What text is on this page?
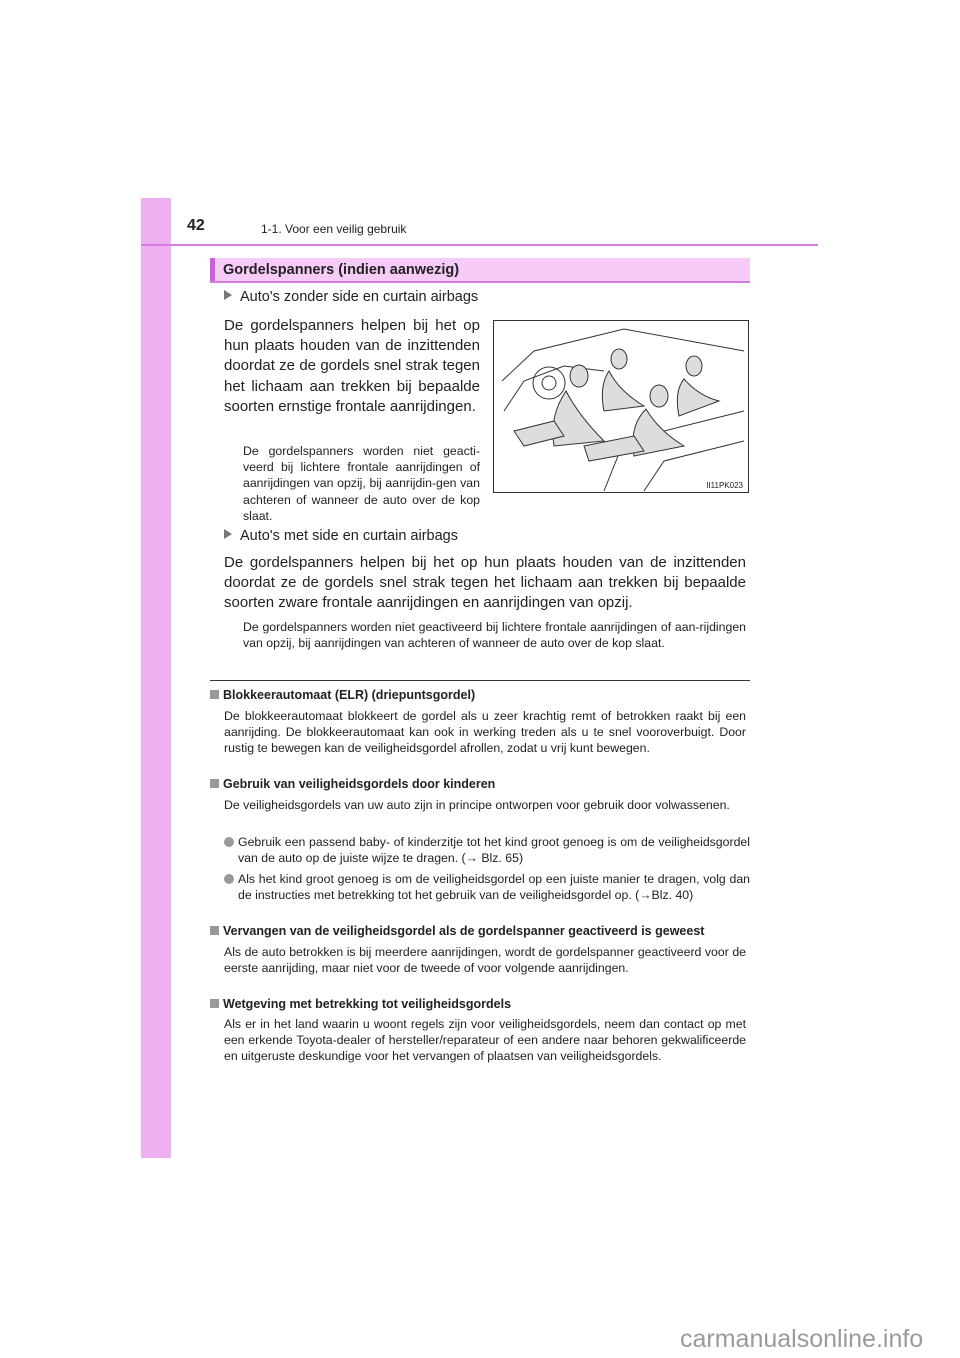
42	1-1. Voor een veilig gebruik
Gordelspanners (indien aanwezig)
Auto's zonder side en curtain airbags
De gordelspanners helpen bij het op hun plaats houden van de inzittenden doordat ze de gordels snel strak tegen het lichaam aan trekken bij bepaalde soorten ernstige frontale aanrijdingen.
De gordelspanners worden niet geacti-veerd bij lichtere frontale aanrijdingen of aanrijdingen van opzij, bij aanrijdin-gen van achteren of wanneer de auto over de kop slaat.
II11PK023
Auto's met side en curtain airbags
De gordelspanners helpen bij het op hun plaats houden van de inzittenden doordat ze de gordels snel strak tegen het lichaam aan trekken bij bepaalde soorten zware frontale aanrijdingen en aanrijdingen van opzij.
De gordelspanners worden niet geactiveerd bij lichtere frontale aanrijdingen of aan-rijdingen van opzij, bij aanrijdingen van achteren of wanneer de auto over de kop slaat.
Blokkeerautomaat (ELR) (driepuntsgordel)
De blokkeerautomaat blokkeert de gordel als u zeer krachtig remt of betrokken raakt bij een aanrijding. De blokkeerautomaat kan ook in werking treden als u te snel vooroverbuigt. Door rustig te bewegen kan de veiligheidsgordel afrollen, zodat u vrij kunt bewegen.
Gebruik van veiligheidsgordels door kinderen
De veiligheidsgordels van uw auto zijn in principe ontworpen voor gebruik door volwassenen.
Gebruik een passend baby- of kinderzitje tot het kind groot genoeg is om de veiligheidsgordel van de auto op de juiste wijze te dragen. (→ Blz. 65)
Als het kind groot genoeg is om de veiligheidsgordel op een juiste manier te dragen, volg dan de instructies met betrekking tot het gebruik van de veiligheidsgordel op. (→Blz. 40)
Vervangen van de veiligheidsgordel als de gordelspanner geactiveerd is geweest
Als de auto betrokken is bij meerdere aanrijdingen, wordt de gordelspanner geactiveerd voor de eerste aanrijding, maar niet voor de tweede of voor volgende aanrijdingen.
Wetgeving met betrekking tot veiligheidsgordels
Als er in het land waarin u woont regels zijn voor veiligheidsgordels, neem dan contact op met een erkende Toyota-dealer of hersteller/reparateur of een andere naar behoren gekwalificeerde en uitgeruste deskundige voor het vervangen of plaatsen van veiligheidsgordels.
carmanualsonline.info
